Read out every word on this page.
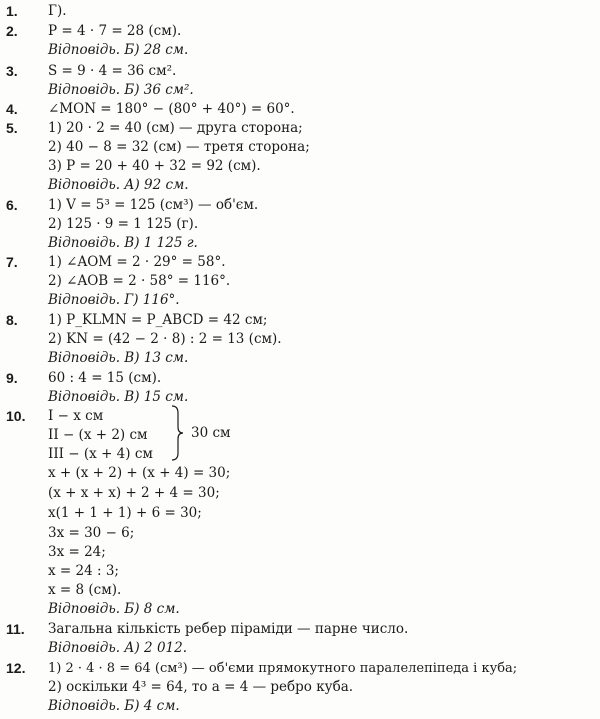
1. Г).
2. P = 4 · 7 = 28 (см).
Відповідь. Б) 28 см.
3. S = 9 · 4 = 36 см².
Відповідь. Б) 36 см².
4. ∠MON = 180° − (80° + 40°) = 60°.
5. 1) 20 · 2 = 40 (см) — друга сторона;
2) 40 − 8 = 32 (см) — третя сторона;
3) P = 20 + 40 + 32 = 92 (см).
Відповідь. А) 92 см.
6. 1) V = 5³ = 125 (см³) — об'єм.
2) 125 · 9 = 1 125 (г).
Відповідь. В) 1 125 г.
7. 1) ∠AOM = 2 · 29° = 58°.
2) ∠AOB = 2 · 58° = 116°.
Відповідь. Г) 116°.
8. 1) P_KLMN = P_ABCD = 42 см;
2) KN = (42 − 2 · 8) : 2 = 13 (см).
Відповідь. В) 13 см.
9. 60 : 4 = 15 (см).
Відповідь. В) 15 см.
10. I − x см
II − (x + 2) см
III − (x + 4) см
30 см
x + (x + 2) + (x + 4) = 30;
(x + x + x) + 2 + 4 = 30;
x(1 + 1 + 1) + 6 = 30;
3x = 30 − 6;
3x = 24;
x = 24 : 3;
x = 8 (см).
Відповідь. Б) 8 см.
11. Загальна кількість ребер піраміди — парне число.
Відповідь. А) 2 012.
12. 1) 2 · 4 · 8 = 64 (см³) — об'єми прямокутного паралелепіпеда і куба;
2) оскільки 4³ = 64, то a = 4 — ребро куба.
Відповідь. Б) 4 см.
